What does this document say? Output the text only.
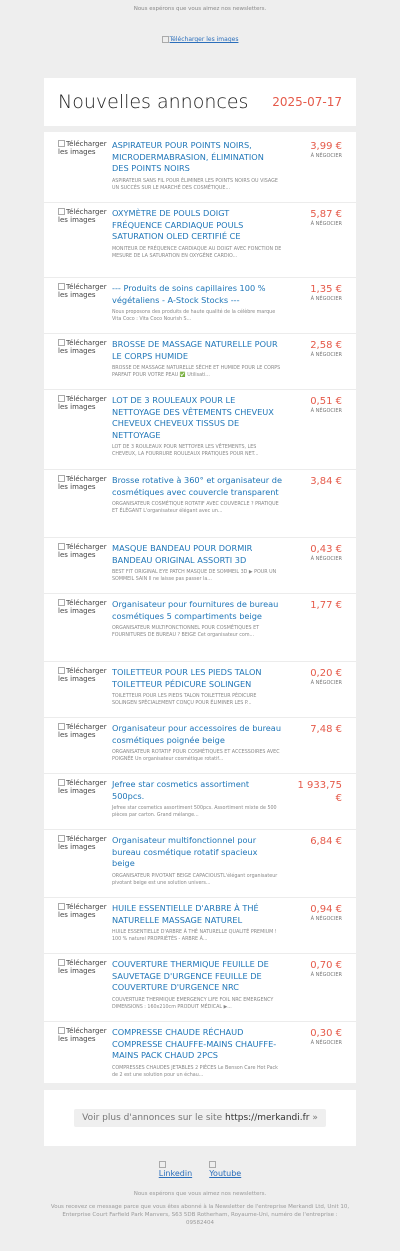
Nous espérons que vous aimez nos newsletters.
Télécharger les images
Nouvelles annonces 2025-07-17
Télécharger les images
ASPIRATEUR POUR POINTS NOIRS, MICRODERMABRASION, ÉLIMINATION DES POINTS NOIRS
ASPIRATEUR SANS FIL POUR ÉLIMINER LES POINTS NOIRS OU VISAGE UN SUCCÈS SUR LE MARCHÉ DES COSMÉTIQUE...
3,99 €
À NÉGOCIER
Télécharger les images
OXYMÈTRE DE POULS DOIGT FRÉQUENCE CARDIAQUE POULS SATURATION OLED CERTIFIÉ CE
MONITEUR DE FRÉQUENCE CARDIAQUE AU DOIGT AVEC FONCTION DE MESURE DE LA SATURATION EN OXYGÈNE CARDIO...
5,87 €
À NÉGOCIER
Télécharger les images
--- Produits de soins capillaires 100 % végétaliens - A-Stock Stocks ---
Nous proposons des produits de haute qualité de la célèbre marque Vita Coco : Vita Coco Nourish S...
1,35 €
À NÉGOCIER
Télécharger les images
BROSSE DE MASSAGE NATURELLE POUR LE CORPS HUMIDE
BROSSE DE MASSAGE NATURELLE SÈCHE ET HUMIDE POUR LE CORPS PARFAIT POUR VOTRE PEAU ✅ Utilisati...
2,58 €
À NÉGOCIER
Télécharger les images
LOT DE 3 ROULEAUX POUR LE NETTOYAGE DES VÊTEMENTS CHEVEUX CHEVEUX CHEVEUX TISSUS DE NETTOYAGE
LOT DE 3 ROULEAUX POUR NETTOYER LES VÊTEMENTS, LES CHEVEUX, LA FOURRURE ROULEAUX PRATIQUES POUR NET...
0,51 €
À NÉGOCIER
Télécharger les images
Brosse rotative à 360° et organisateur de cosmétiques avec couvercle transparent
ORGANISATEUR COSMÉTIQUE ROTATIF AVEC COUVERCLE ? PRATIQUE ET ÉLÉGANT L'organisateur élégant avec un...
3,84 €
Télécharger les images
MASQUE BANDEAU POUR DORMIR BANDEAU ORIGINAL ASSORTI 3D
BEST FIT ORIGINAL EYE PATCH MASQUE DE SOMMEIL 3D ▶ POUR UN SOMMEIL SAIN Il ne laisse pas passer la...
0,43 €
À NÉGOCIER
Télécharger les images
Organisateur pour fournitures de bureau cosmétiques 5 compartiments beige
ORGANISATEUR MULTIFONCTIONNEL POUR COSMÉTIQUES ET FOURNITURES DE BUREAU ? BEIGE Cet organisateur com...
1,77 €
Télécharger les images
TOILETTEUR POUR LES PIEDS TALON TOILETTEUR PÉDICURE SOLINGEN
TOILETTEUR POUR LES PIEDS TALON TOILETTEUR PÉDICURE SOLINGEN SPÉCIALEMENT CONÇU POUR ÉLIMINER LES P...
0,20 €
À NÉGOCIER
Télécharger les images
Organisateur pour accessoires de bureau cosmétiques poignée beige
ORGANISATEUR ROTATIF POUR COSMÉTIQUES ET ACCESSOIRES AVEC POIGNÉE Un organisateur cosmétique rotatif...
7,48 €
Télécharger les images
Jefree star cosmetics assortiment 500pcs.
Jefree star cosmetics assortiment 500pcs. Assortiment mixte de 500 pièces par carton. Grand mélange...
1 933,75 €
Télécharger les images
Organisateur multifonctionnel pour bureau cosmétique rotatif spacieux beige
ORGANISATEUR PIVOTANT BEIGE CAPACIOUSTL'élégant organisateur pivotant beige est une solution univers...
6,84 €
Télécharger les images
HUILE ESSENTIELLE D'ARBRE À THÉ NATURELLE MASSAGE NATUREL
HUILE ESSENTIELLE D'ARBRE À THÉ NATURELLE QUALITÉ PREMIUM ! 100 % naturel PROPRIÉTÉS - ARBRE À...
0,94 €
À NÉGOCIER
Télécharger les images
COUVERTURE THERMIQUE FEUILLE DE SAUVETAGE D'URGENCE FEUILLE DE COUVERTURE D'URGENCE NRC
COUVERTURE THERMIQUE EMERGENCY LIFE FOIL NRC EMERGENCY DIMENSIONS : 160x210cm PRODUIT MÉDICAL ▶...
0,70 €
À NÉGOCIER
Télécharger les images
COMPRESSE CHAUDE RÉCHAUD COMPRESSE CHAUFFE-MAINS CHAUFFE-MAINS PACK CHAUD 2PCS
COMPRESSES CHAUDES JETABLES 2 PIÈCES Le Benson Care Hot Pack de 2 est une solution pour un échau...
0,30 €
À NÉGOCIER
Voir plus d'annonces sur le site https://merkandi.fr »
Linkedin Youtube
Nous espérons que vous aimez nos newsletters.
Vous recevez ce message parce que vous êtes abonné à la Newsletter de l'entreprise Merkandi Ltd, Unit 10, Enterprise Court Farfield Park Manvers, S63 5DB Rotherham, Royaume-Uni, numéro de l'entreprise : 09582404
